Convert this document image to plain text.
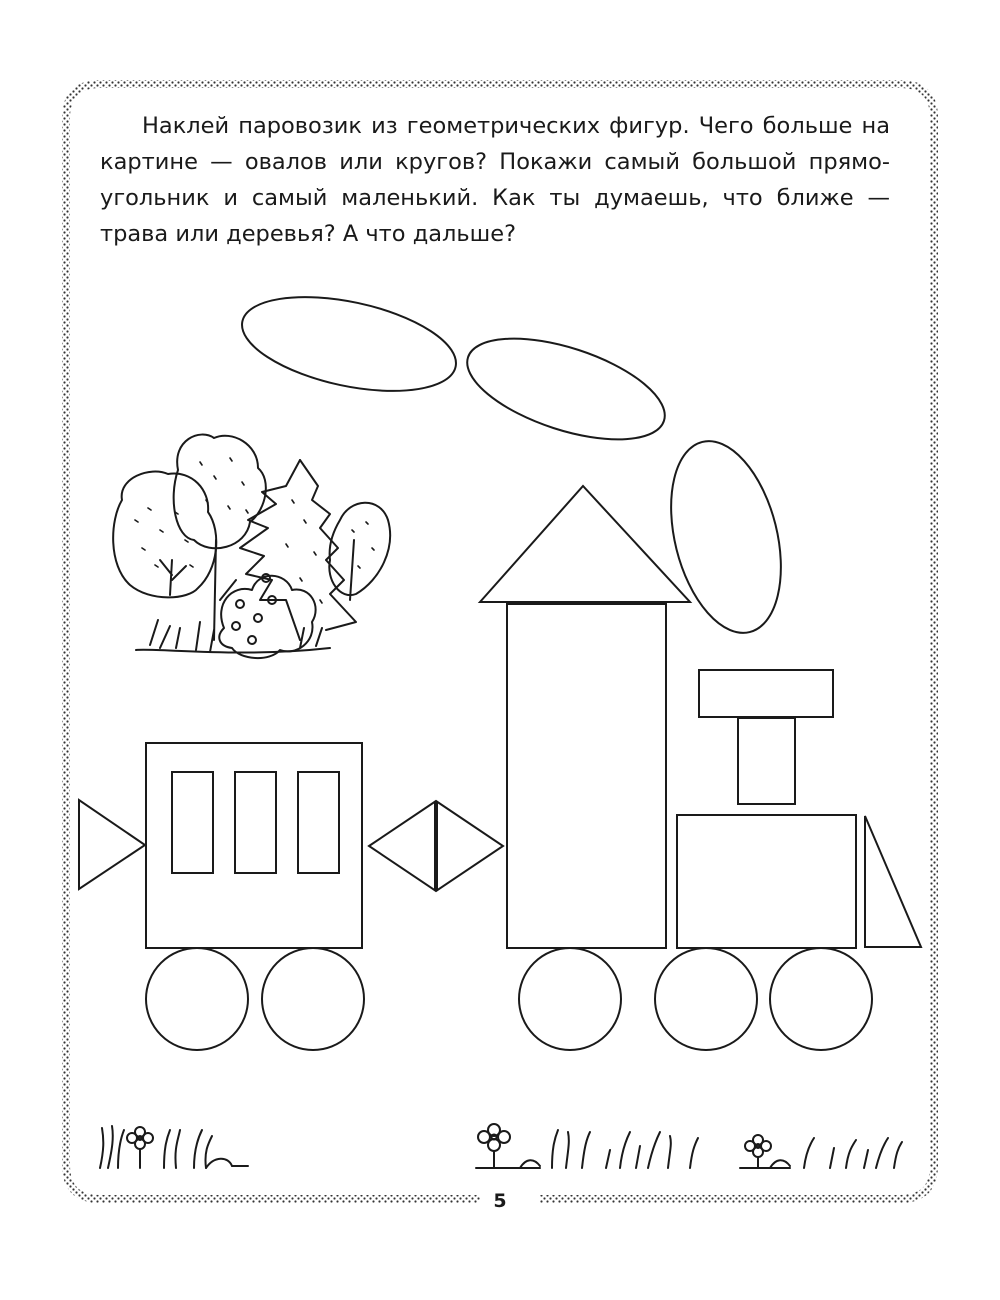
Наклей паровозик из геометрических фигур. Чего больше на
картине — овалов или кругов? Покажи самый большой прямо-
угольник и самый маленький. Как ты думаешь, что ближе —
трава или деревья? А что дальше?
5
